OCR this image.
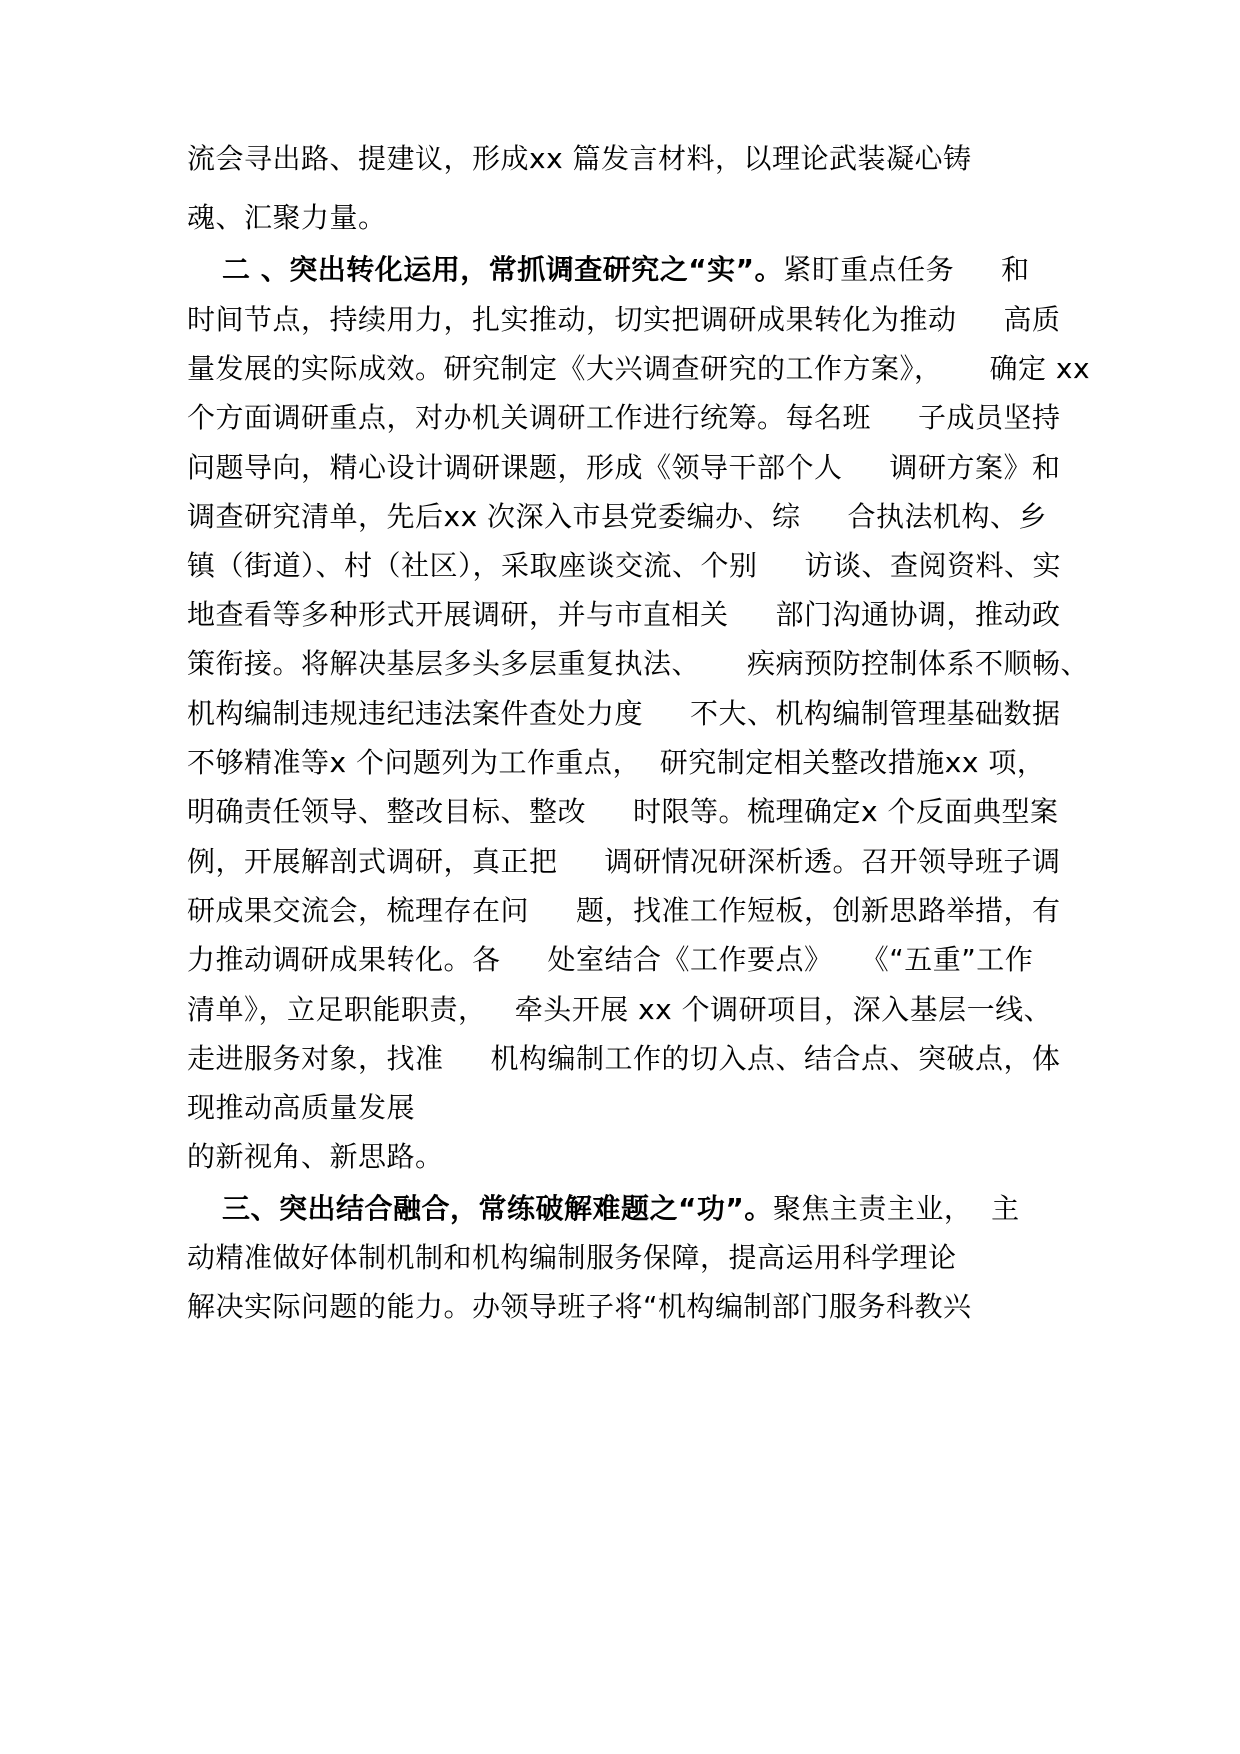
流会寻出路、提建议，形成xx 篇发言材料，以理论武装凝心铸
魂、汇聚力量。
二 、突出转化运用，常抓调查研究之“实”。紧盯重点任务     和
时间节点，持续用力，扎实推动，切实把调研成果转化为推动     高质
量发展的实际成效。研究制定《大兴调查研究的工作方案》，     确定 xx
个方面调研重点，对办机关调研工作进行统筹。每名班     子成员坚持
问题导向，精心设计调研课题，形成《领导干部个人     调研方案》和
调查研究清单，先后xx 次深入市县党委编办、综     合执法机构、乡
镇（街道）、村（社区），采取座谈交流、个别     访谈、查阅资料、实
地查看等多种形式开展调研，并与市直相关     部门沟通协调，推动政
策衔接。将解决基层多头多层重复执法、     疾病预防控制体系不顺畅、
机构编制违规违纪违法案件查处力度     不大、机构编制管理基础数据
不够精准等x 个问题列为工作重点，  研究制定相关整改措施xx 项，
明确责任领导、整改目标、整改     时限等。梳理确定x 个反面典型案
例，开展解剖式调研，真正把     调研情况研深析透。召开领导班子调
研成果交流会，梳理存在问     题，找准工作短板，创新思路举措，有
力推动调研成果转化。各     处室结合《工作要点》   《“五重”工作
清单》，立足职能职责，   牵头开展 xx 个调研项目，深入基层一线、
走进服务对象，找准     机构编制工作的切入点、结合点、突破点，体
现推动高质量发展
的新视角、新思路。
三、突出结合融合，常练破解难题之“功”。聚焦主责主业，  主
动精准做好体制机制和机构编制服务保障，提高运用科学理论
解决实际问题的能力。办领导班子将“机构编制部门服务科教兴
